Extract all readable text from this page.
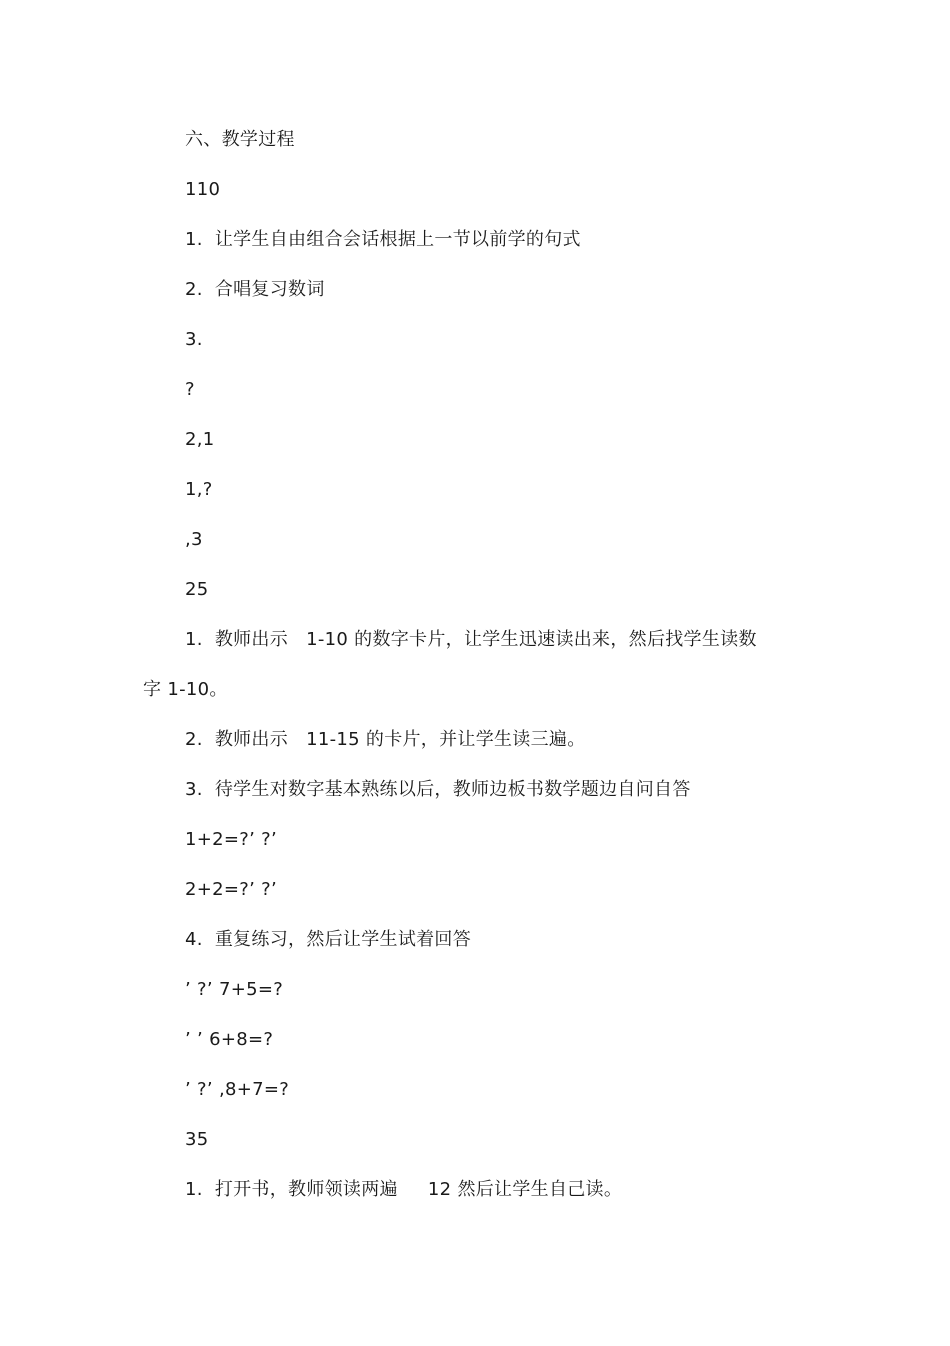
六、教学过程
110
1.  让学生自由组合会话根据上一节以前学的句式
2.  合唱复习数词
3.
?
2,1
1,?
,3
25
1.  教师出示   1-10 的数字卡片，让学生迅速读出来，然后找学生读数
字 1-10。
2.  教师出示   11-15 的卡片，并让学生读三遍。
3.  待学生对数字基本熟练以后，教师边板书数学题边自问自答
1+2=?’ ?’
2+2=?’ ?’
4.  重复练习，然后让学生试着回答
’ ?’ 7+5=?
’ ’ 6+8=?
’ ?’ ,8+7=?
35
1.  打开书，教师领读两遍     12 然后让学生自己读。
